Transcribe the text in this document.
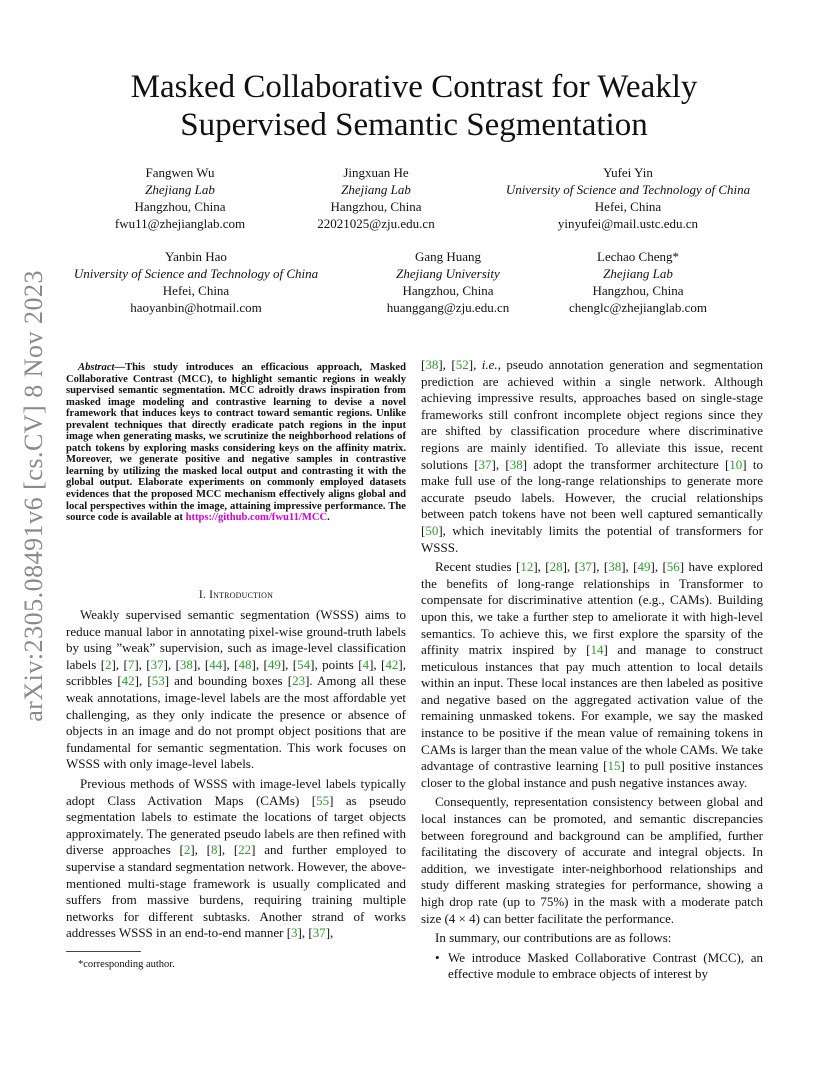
arXiv:2305.08491v6 [cs.CV] 8 Nov 2023
Masked Collaborative Contrast for Weakly
Supervised Semantic Segmentation
Fangwen Wu
Zhejiang Lab
Hangzhou, China
fwu11@zhejianglab.com
Jingxuan He
Zhejiang Lab
Hangzhou, China
22021025@zju.edu.cn
Yufei Yin
University of Science and Technology of China
Hefei, China
yinyufei@mail.ustc.edu.cn
Yanbin Hao
University of Science and Technology of China
Hefei, China
haoyanbin@hotmail.com
Gang Huang
Zhejiang University
Hangzhou, China
huanggang@zju.edu.cn
Lechao Cheng*
Zhejiang Lab
Hangzhou, China
chenglc@zhejianglab.com
Abstract—This study introduces an efficacious approach, Masked Collaborative Contrast (MCC), to highlight semantic regions in weakly supervised semantic segmentation. MCC adroitly draws inspiration from masked image modeling and contrastive learning to devise a novel framework that induces keys to contract toward semantic regions. Unlike prevalent techniques that directly eradicate patch regions in the input image when generating masks, we scrutinize the neighborhood relations of patch tokens by exploring masks considering keys on the affinity matrix. Moreover, we generate positive and negative samples in contrastive learning by utilizing the masked local output and contrasting it with the global output. Elaborate experiments on commonly employed datasets evidences that the proposed MCC mechanism effectively aligns global and local perspectives within the image, attaining impressive performance. The source code is available at https://github.com/fwu11/MCC.
I. Introduction

Weakly supervised semantic segmentation (WSSS) aims to reduce manual labor in annotating pixel-wise ground-truth labels by using ”weak” supervision, such as image-level classification labels [2], [7], [37], [38], [44], [48], [49], [54], points [4], [42], scribbles [42], [53] and bounding boxes [23]. Among all these weak annotations, image-level labels are the most affordable yet challenging, as they only indicate the presence or absence of objects in an image and do not prompt object positions that are fundamental for semantic segmentation. This work focuses on WSSS with only image-level labels.

Previous methods of WSSS with image-level labels typically adopt Class Activation Maps (CAMs) [55] as pseudo segmentation labels to estimate the locations of target objects approximately. The generated pseudo labels are then refined with diverse approaches [2], [8], [22] and further employed to supervise a standard segmentation network. However, the above-mentioned multi-stage framework is usually complicated and suffers from massive burdens, requiring training multiple networks for different subtasks. Another strand of works addresses WSSS in an end-to-end manner [3], [37],

[38], [52], i.e., pseudo annotation generation and segmentation prediction are achieved within a single network. Although achieving impressive results, approaches based on single-stage frameworks still confront incomplete object regions since they are shifted by classification procedure where discriminative regions are mainly identified. To alleviate this issue, recent solutions [37], [38] adopt the transformer architecture [10] to make full use of the long-range relationships to generate more accurate pseudo labels. However, the crucial relationships between patch tokens have not been well captured semantically [50], which inevitably limits the potential of transformers for WSSS.

Recent studies [12], [28], [37], [38], [49], [56] have explored the benefits of long-range relationships in Transformer to compensate for discriminative attention (e.g., CAMs). Building upon this, we take a further step to ameliorate it with high-level semantics. To achieve this, we first explore the sparsity of the affinity matrix inspired by [14] and manage to construct meticulous instances that pay much attention to local details within an input. These local instances are then labeled as positive and negative based on the aggregated activation value of the remaining unmasked tokens. For example, we say the masked instance to be positive if the mean value of remaining tokens in CAMs is larger than the mean value of the whole CAMs. We take advantage of contrastive learning [15] to pull positive instances closer to the global instance and push negative instances away.

Consequently, representation consistency between global and local instances can be promoted, and semantic discrepancies between foreground and background can be amplified, further facilitating the discovery of accurate and integral objects. In addition, we investigate inter-neighborhood relationships and study different masking strategies for performance, showing a high drop rate (up to 75%) in the mask with a moderate patch size (4 × 4) can better facilitate the performance.

In summary, our contributions are as follows:

• We introduce Masked Collaborative Contrast (MCC), an effective module to embrace objects of interest by
*corresponding author.
